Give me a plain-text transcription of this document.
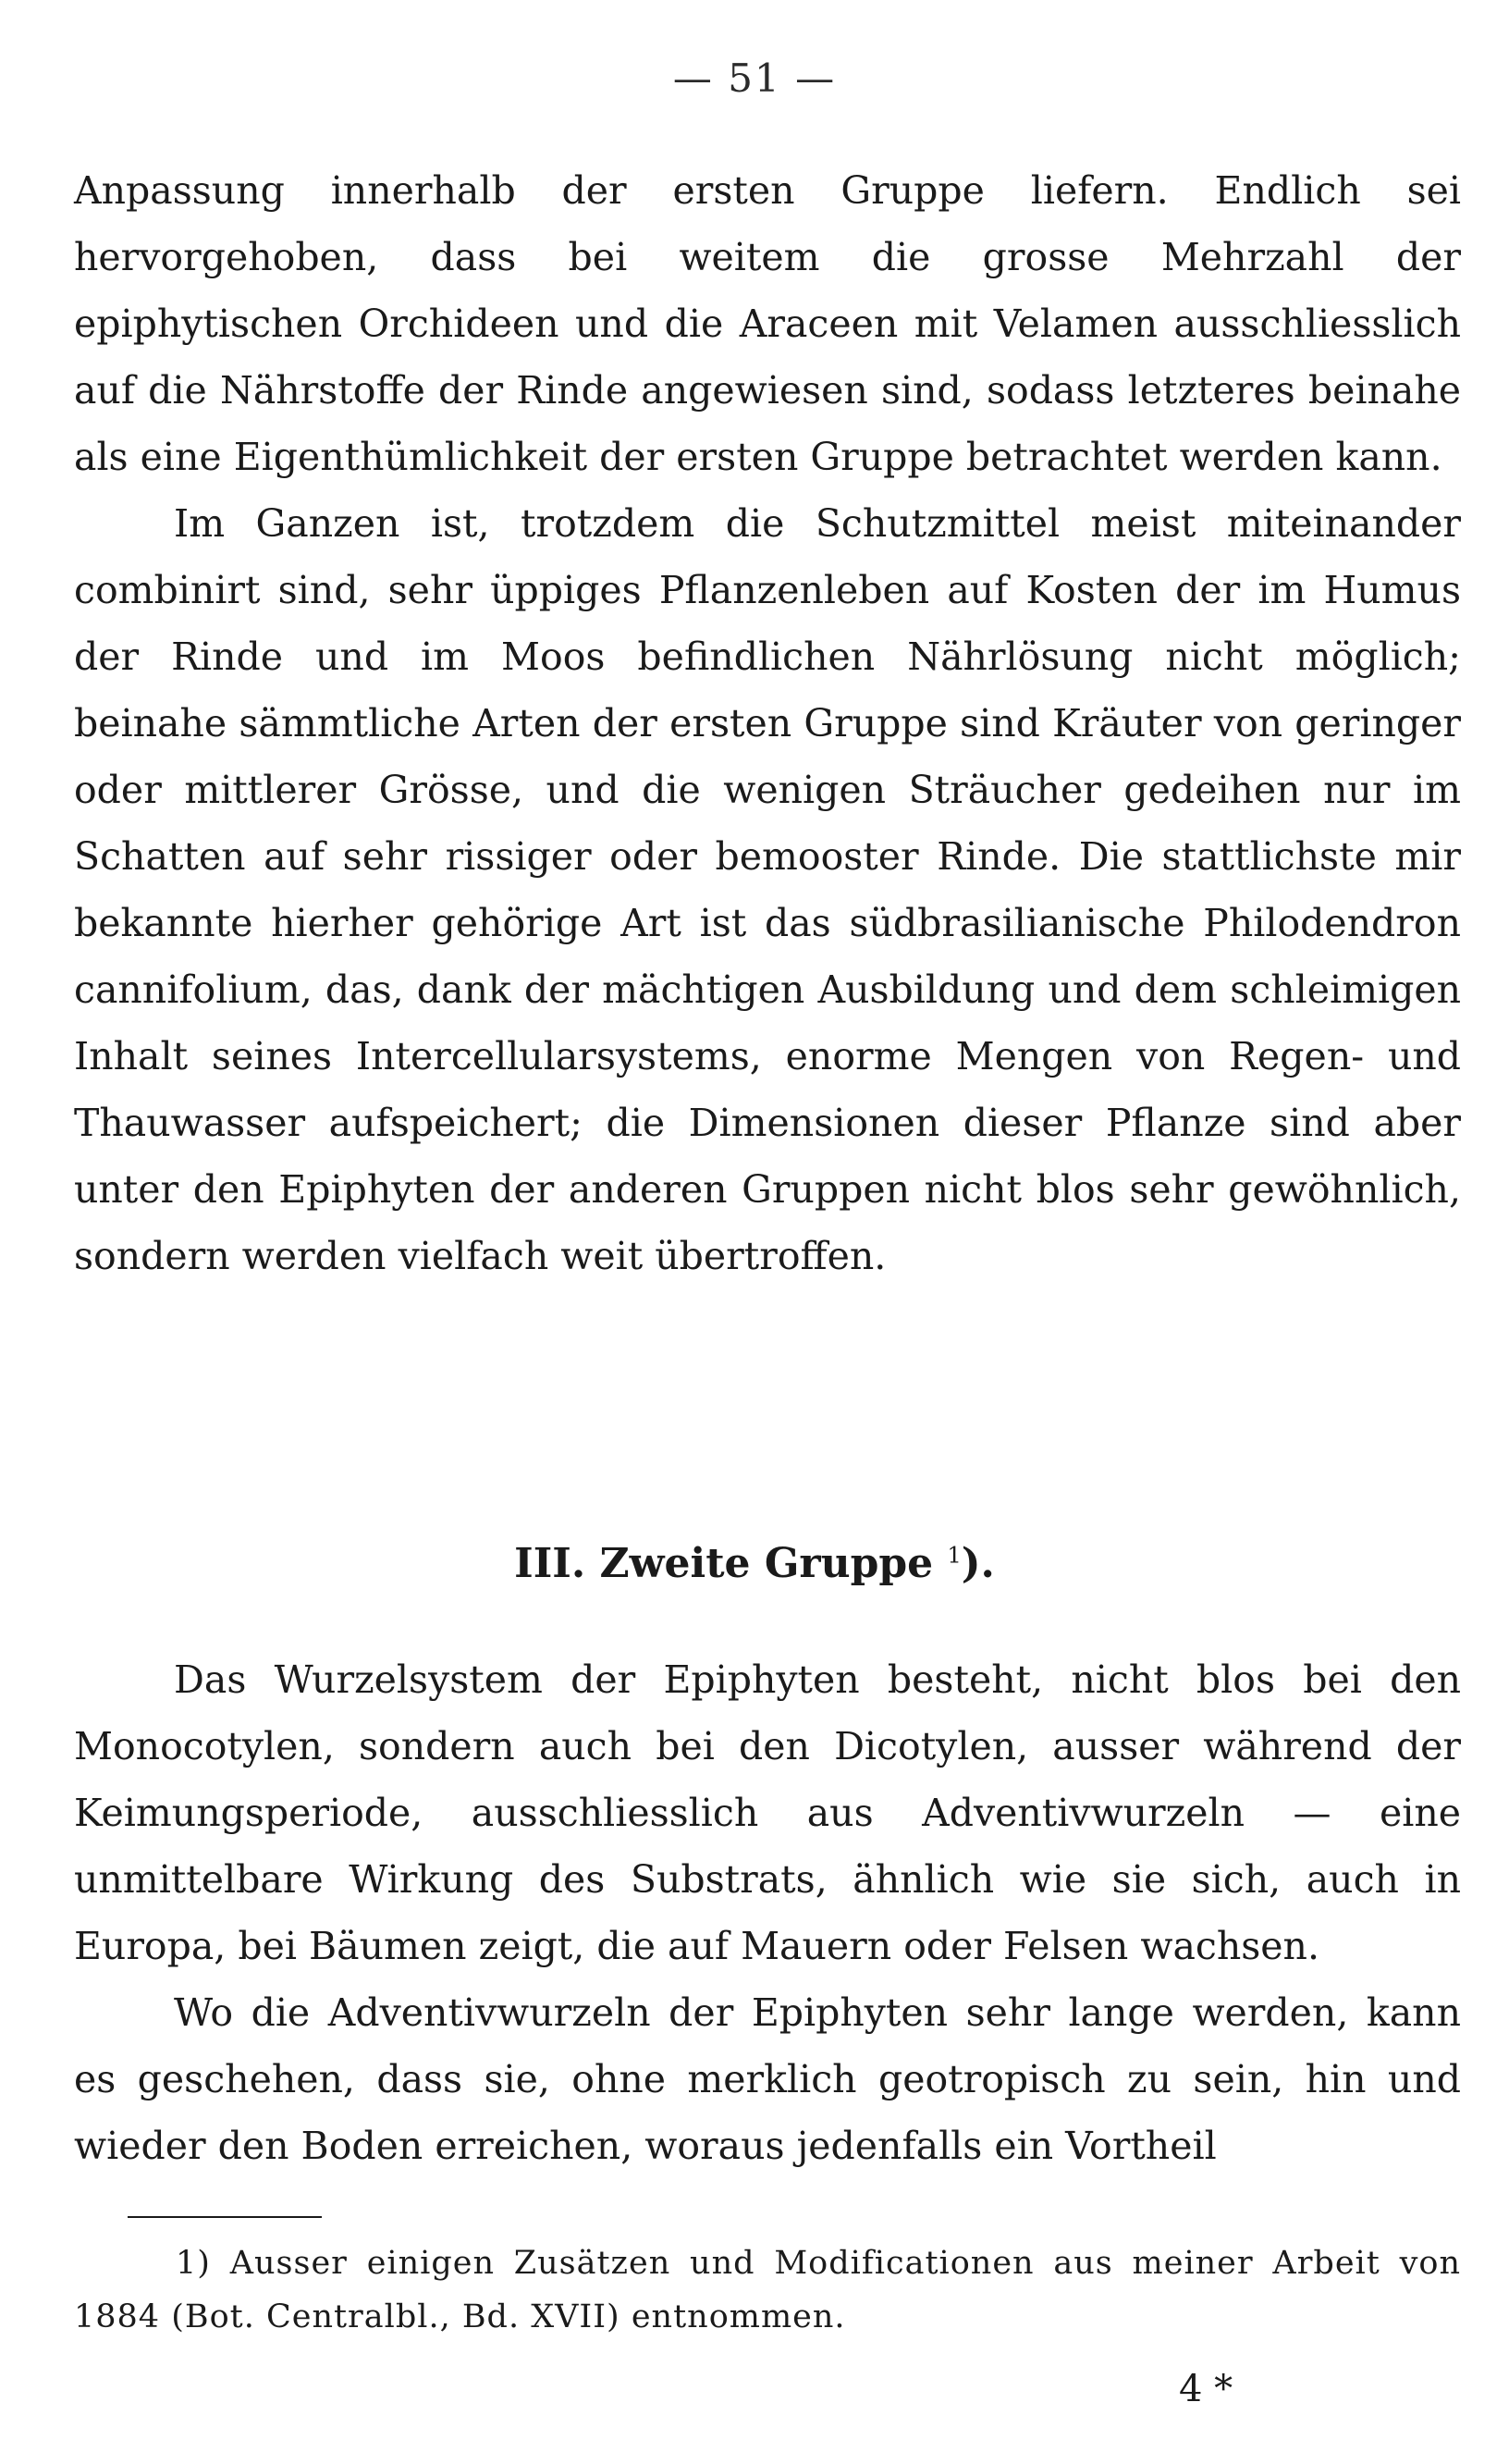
— 51 —

Anpassung innerhalb der ersten Gruppe liefern. Endlich sei hervorgehoben, dass bei weitem die grosse Mehrzahl der epiphytischen Orchideen und die Araceen mit Velamen ausschliesslich auf die Nährstoffe der Rinde angewiesen sind, sodass letzteres beinahe als eine Eigenthümlichkeit der ersten Gruppe betrachtet werden kann.

Im Ganzen ist, trotzdem die Schutzmittel meist miteinander combinirt sind, sehr üppiges Pflanzenleben auf Kosten der im Humus der Rinde und im Moos befindlichen Nährlösung nicht möglich; beinahe sämmtliche Arten der ersten Gruppe sind Kräuter von geringer oder mittlerer Grösse, und die wenigen Sträucher gedeihen nur im Schatten auf sehr rissiger oder bemooster Rinde. Die stattlichste mir bekannte hierher gehörige Art ist das südbrasilianische Philodendron cannifolium, das, dank der mächtigen Ausbildung und dem schleimigen Inhalt seines Intercellularsystems, enorme Mengen von Regen- und Thauwasser aufspeichert; die Dimensionen dieser Pflanze sind aber unter den Epiphyten der anderen Gruppen nicht blos sehr gewöhnlich, sondern werden vielfach weit übertroffen.

III. Zweite Gruppe $^1$).

Das Wurzelsystem der Epiphyten besteht, nicht blos bei den Monocotylen, sondern auch bei den Dicotylen, ausser während der Keimungsperiode, ausschliesslich aus Adventivwurzeln — eine unmittelbare Wirkung des Substrats, ähnlich wie sie sich, auch in Europa, bei Bäumen zeigt, die auf Mauern oder Felsen wachsen.

Wo die Adventivwurzeln der Epiphyten sehr lange werden, kann es geschehen, dass sie, ohne merklich geotropisch zu sein, hin und wieder den Boden erreichen, woraus jedenfalls ein Vortheil

1) Ausser einigen Zusätzen und Modificationen aus meiner Arbeit von 1884 (Bot. Centralbl., Bd. XVII) entnommen.
4 *
